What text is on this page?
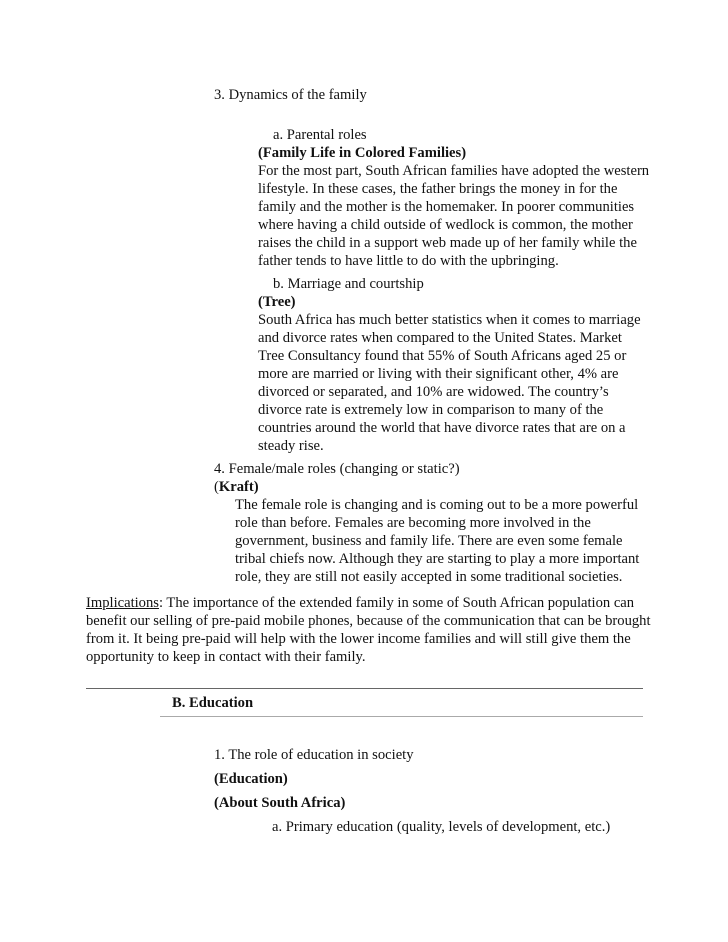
3. Dynamics of the family
a. Parental roles
(Family Life in Colored Families)
For the most part, South African families have adopted the western
lifestyle. In these cases, the father brings the money in for the
family and the mother is the homemaker. In poorer communities
where having a child outside of wedlock is common, the mother
raises the child in a support web made up of her family while the
father tends to have little to do with the upbringing.
b. Marriage and courtship
(Tree)
South Africa has much better statistics when it comes to marriage
and divorce rates when compared to the United States. Market
Tree Consultancy found that 55% of South Africans aged 25 or
more are married or living with their significant other, 4% are
divorced or separated, and 10% are widowed. The country’s
divorce rate is extremely low in comparison to many of the
countries around the world that have divorce rates that are on a
steady rise.
4. Female/male roles (changing or static?)
(Kraft)
The female role is changing and is coming out to be a more powerful
role than before. Females are becoming more involved in the
government, business and family life. There are even some female
tribal chiefs now. Although they are starting to play a more important
role, they are still not easily accepted in some traditional societies.
Implications: The importance of the extended family in some of South African population can
benefit our selling of pre-paid mobile phones, because of the communication that can be brought
from it. It being pre-paid will help with the lower income families and will still give them the
opportunity to keep in contact with their family.
B. Education
1. The role of education in society
(Education)
(About South Africa)
a. Primary education (quality, levels of development, etc.)
